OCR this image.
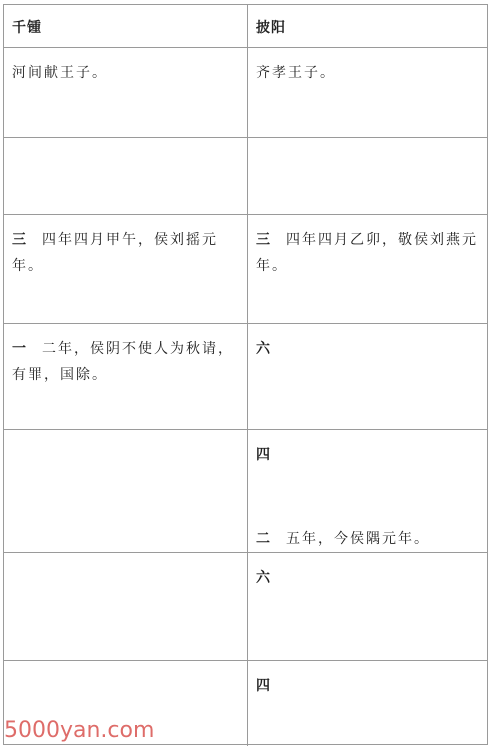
千锺	披阳
河间献王子。	齐孝王子。
三 四年四月甲午，侯刘摇元年。
三 四年四月乙卯，敬侯刘燕元年。
一 二年，侯阴不使人为秋请，有罪，国除。
六
四
二 五年，今侯隅元年。
六
四
5000yan.com
